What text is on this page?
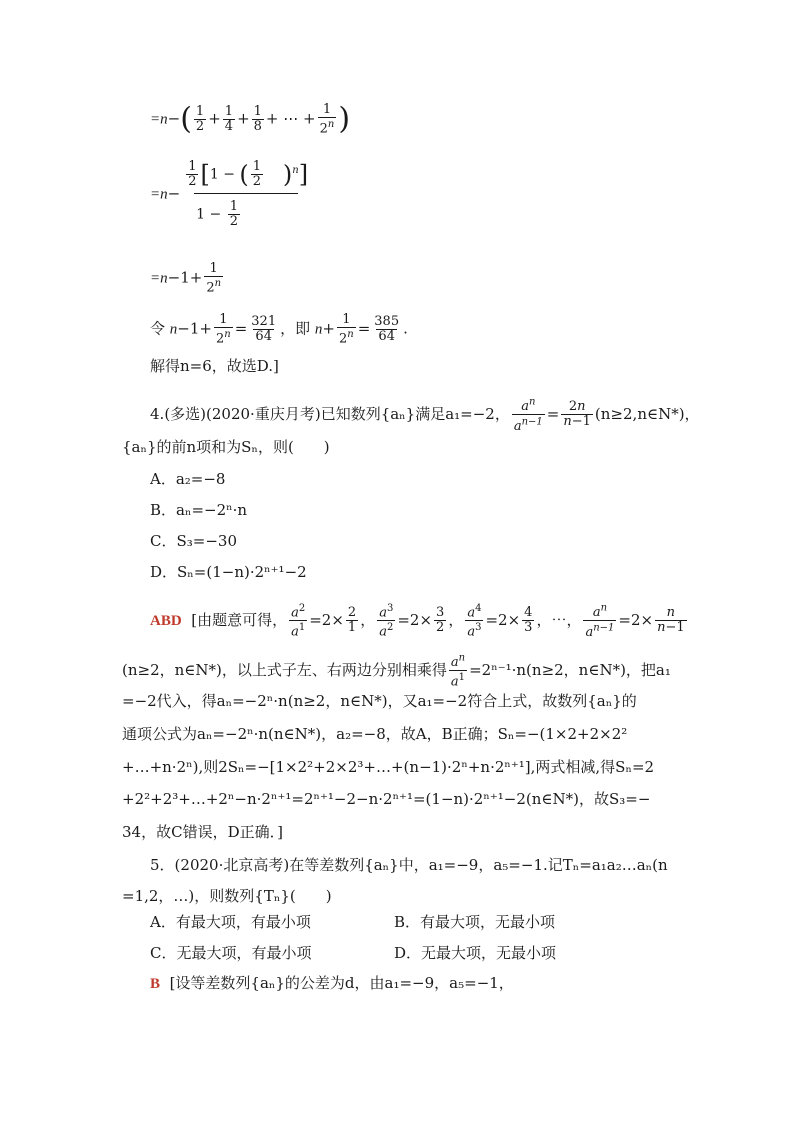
$=n-( \frac{1}{2} + \frac{1}{4} + \frac{1}{8}$ + ⋯ + $\frac{1}{2^n}$ )
$=n- \frac{\frac{1}{2} [1 - ( \frac{1}{2} )^n]}{1 - \frac{1}{2}}$
$=n-1+ \frac{1}{2^n}$
令 $n-1+ \frac{1}{2^n} = \frac{321}{64}$ ，即 $n+ \frac{1}{2^n} = \frac{385}{64}$ .
解得n=6，故选D.]
4.(多选)(2020·重庆月考)已知数列{aₙ}满足a₁=−2， $\frac{a^n}{a^{n-1}} = \frac{2n}{n-1}$ (n≥2,n∈N*)，
{aₙ}的前n项和为Sₙ，则(　　)
A．a₂=−8
B．aₙ=−2ⁿ·n
C．S₃=−30
D．Sₙ=(1−n)·2ⁿ⁺¹−2
ABD [由题意可得， $\frac{a^2}{a^1} =2\times \frac{2}{1}$ ， $\frac{a^3}{a^2} =2\times \frac{3}{2}$ ， $\frac{a^4}{a^3} =2\times \frac{4}{3}$ ，⋯， $\frac{a^n}{a^{n-1}} =2\times \frac{n}{n-1}$
(n≥2，n∈N*)，以上式子左、右两边分别相乘得 $\frac{a^n}{a^1} =2^{n-1}\cdot n(n\ge 2$，n∈N*)，把a₁
=−2代入，得aₙ=−2ⁿ·n(n≥2，n∈N*)，又a₁=−2符合上式，故数列{aₙ}的
通项公式为aₙ=−2ⁿ·n(n∈N*)，a₂=−8，故A，B正确；Sₙ=−(1×2+2×2²
+…+n·2ⁿ),则2Sₙ=−[1×2²+2×2³+…+(n−1)·2ⁿ+n·2ⁿ⁺¹],两式相减,得Sₙ=2
+2²+2³+…+2ⁿ−n·2ⁿ⁺¹=2ⁿ⁺¹−2−n·2ⁿ⁺¹=(1−n)·2ⁿ⁺¹−2(n∈N*)，故S₃=−
34，故C错误，D正确．]
5．(2020·北京高考)在等差数列{aₙ}中，a₁=−9，a₅=−1.记Tₙ=a₁a₂…aₙ(n
=1,2，…)，则数列{Tₙ}(　　)
A．有最大项，有最小项	B．有最大项，无最小项
C．无最大项，有最小项	D．无最大项，无最小项
B [设等差数列{aₙ}的公差为d，由a₁=−9，a₅=−1，
